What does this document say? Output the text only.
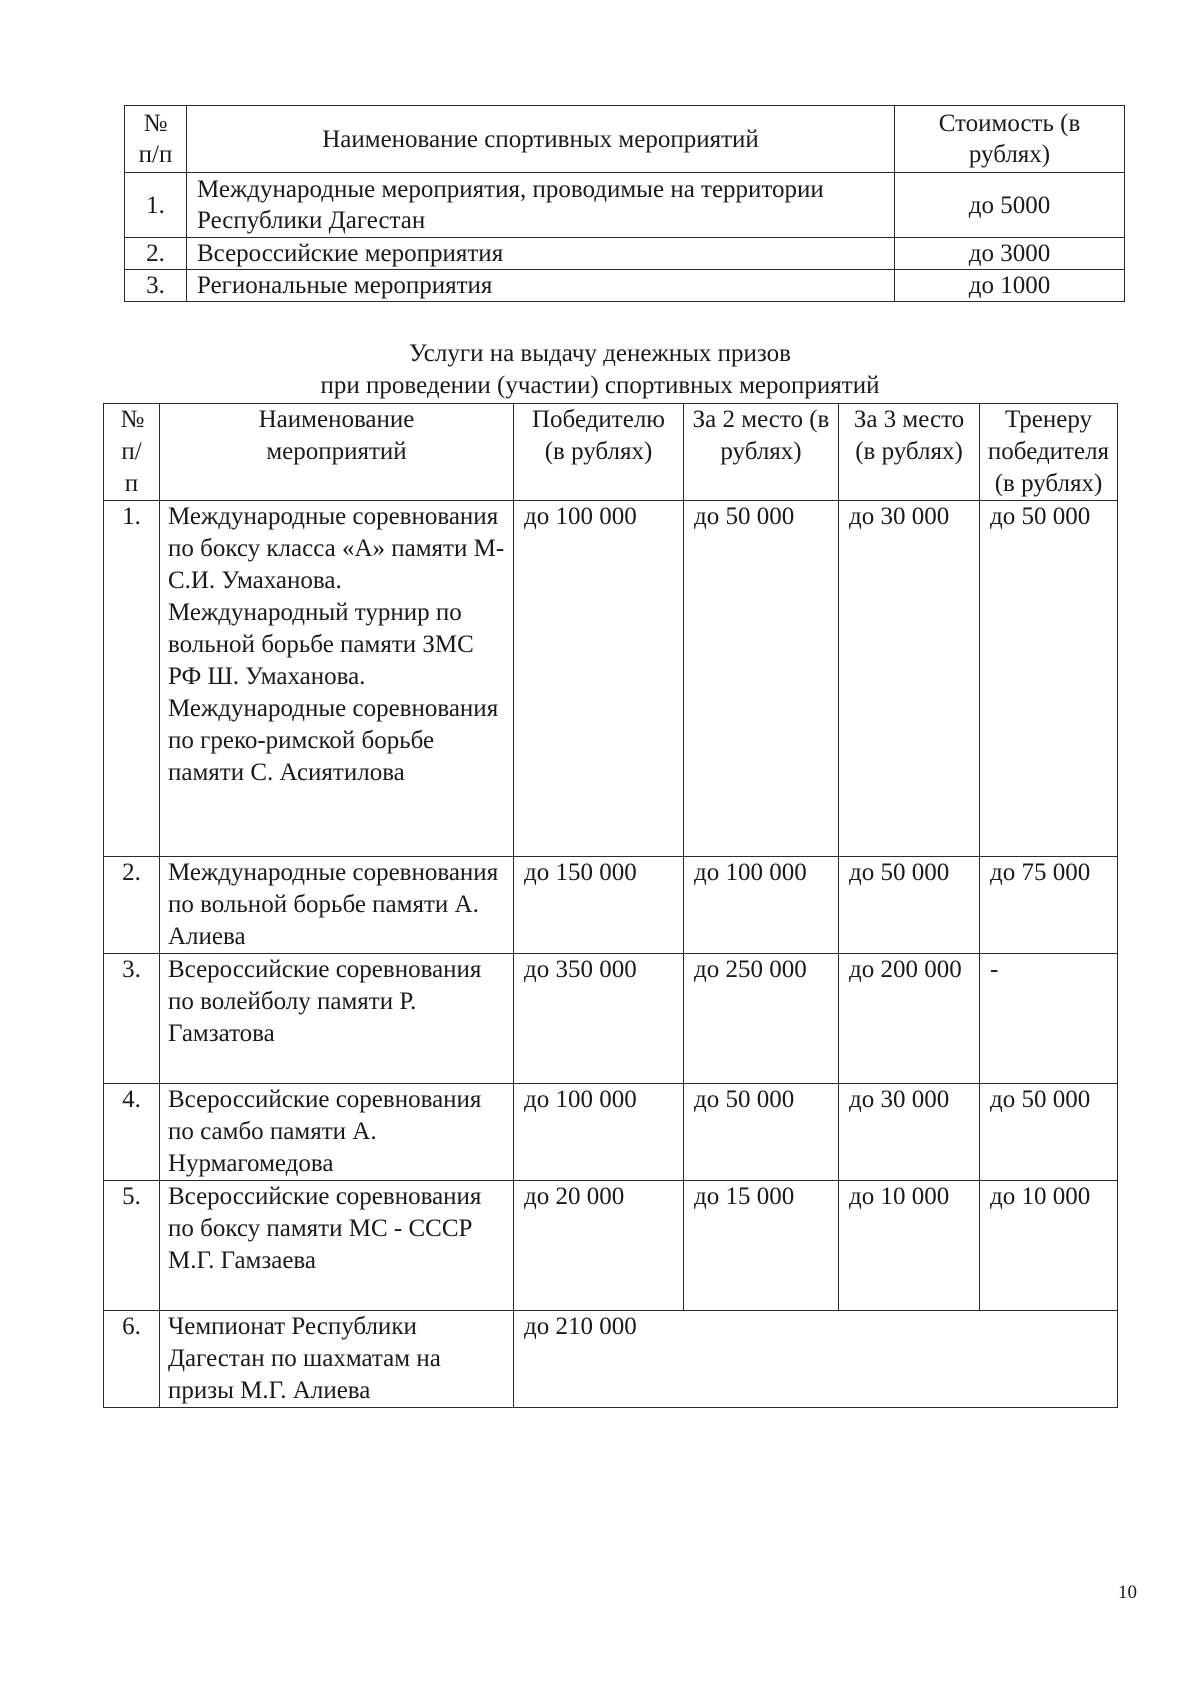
№ п/п	Наименование спортивных мероприятий	Стоимость (в рублях)

1.	Международные мероприятия, проводимые на территории Республики Дагестан	до 5000
2.	Всероссийские мероприятия	до 3000
3.	Региональные мероприятия	до 1000
Услуги на выдачу денежных призов
при проведении (участии) спортивных мероприятий
№ п/ п	Наименование мероприятий	Победителю (в рублях)	За 2 место (в рублях)	За 3 место (в рублях)	Тренеру победителя (в рублях)

1.	Международные соревнования по боксу класса «А» памяти М-С.И. Умаханова. Международный турнир по вольной борьбе памяти ЗМС РФ Ш. Умаханова. Международные соревнования по греко-римской борьбе памяти С. Асиятилова	до 100 000	до 50 000	до 30 000	до 50 000
2.	Международные соревнования по вольной борьбе памяти А. Алиева	до 150 000	до 100 000	до 50 000	до 75 000
3.	Всероссийские соревнования по волейболу памяти Р. Гамзатова	до 350 000	до 250 000	до 200 000	-
4.	Всероссийские соревнования по самбо памяти А. Нурмагомедова	до 100 000	до 50 000	до 30 000	до 50 000
5.	Всероссийские соревнования по боксу памяти МС - СССР М.Г. Гамзаева	до 20 000	до 15 000	до 10 000	до 10 000
6.	Чемпионат Республики Дагестан по шахматам на призы М.Г. Алиева	до 210 000			
10
